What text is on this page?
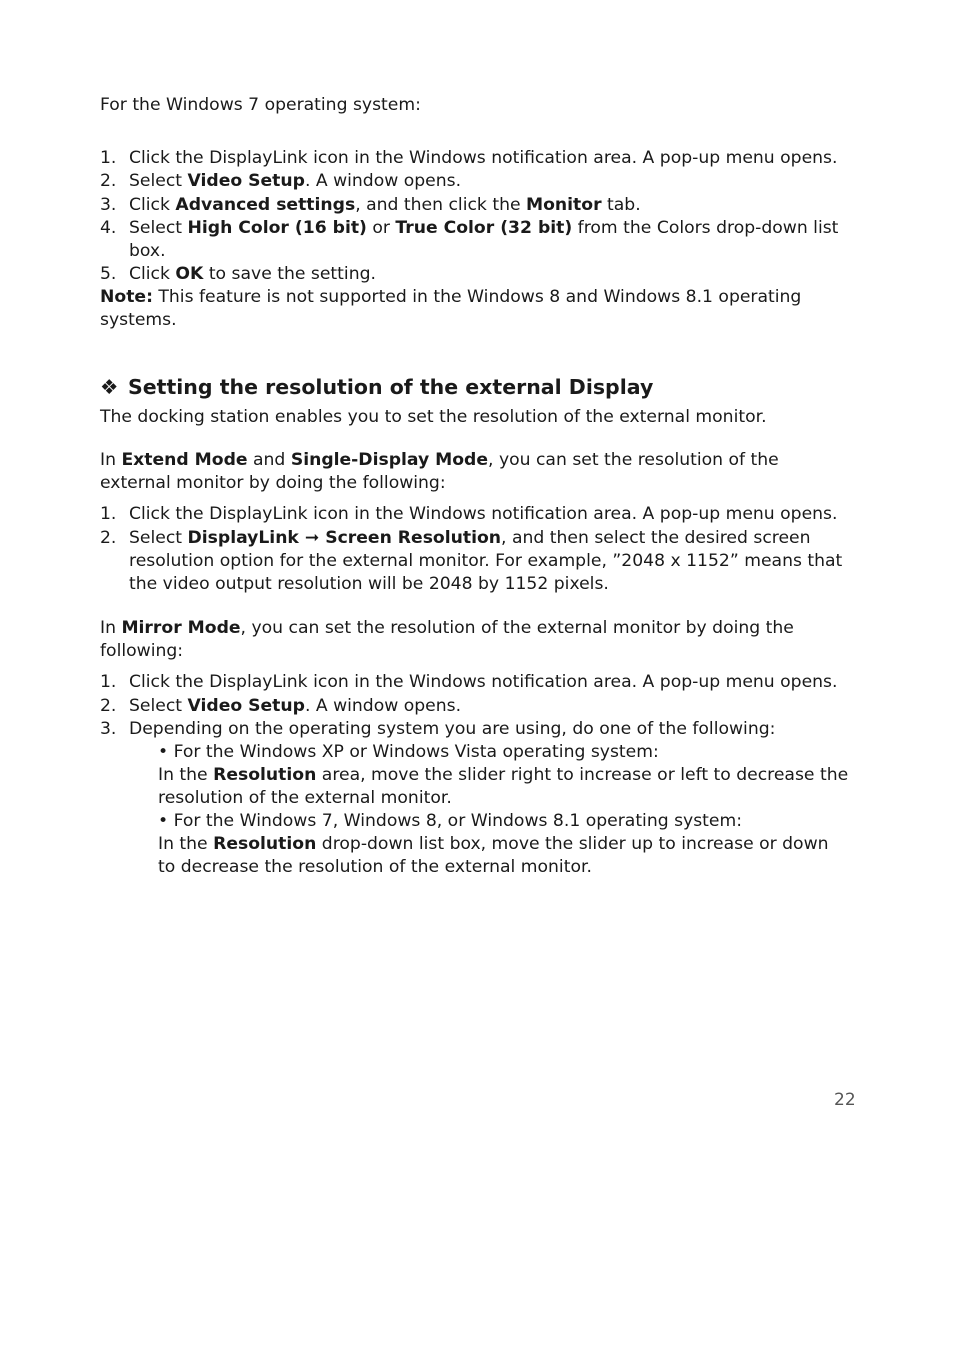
For the Windows 7 operating system:
1. Click the DisplayLink icon in the Windows notification area. A pop-up menu opens.
2. Select Video Setup. A window opens.
3. Click Advanced settings, and then click the Monitor tab.
4. Select High Color (16 bit) or True Color (32 bit) from the Colors drop-down list
box.
5. Click OK to save the setting.
Note: This feature is not supported in the Windows 8 and Windows 8.1 operating
systems.
❖ Setting the resolution of the external Display
The docking station enables you to set the resolution of the external monitor.
In Extend Mode and Single-Display Mode, you can set the resolution of the
external monitor by doing the following:
1. Click the DisplayLink icon in the Windows notification area. A pop-up menu opens.
2. Select DisplayLink ➞ Screen Resolution, and then select the desired screen
resolution option for the external monitor. For example, ”2048 x 1152” means that
the video output resolution will be 2048 by 1152 pixels.
In Mirror Mode, you can set the resolution of the external monitor by doing the
following:
1. Click the DisplayLink icon in the Windows notification area. A pop-up menu opens.
2. Select Video Setup. A window opens.
3. Depending on the operating system you are using, do one of the following:
• For the Windows XP or Windows Vista operating system:
In the Resolution area, move the slider right to increase or left to decrease the
resolution of the external monitor.
• For the Windows 7, Windows 8, or Windows 8.1 operating system:
In the Resolution drop-down list box, move the slider up to increase or down
to decrease the resolution of the external monitor.
22
